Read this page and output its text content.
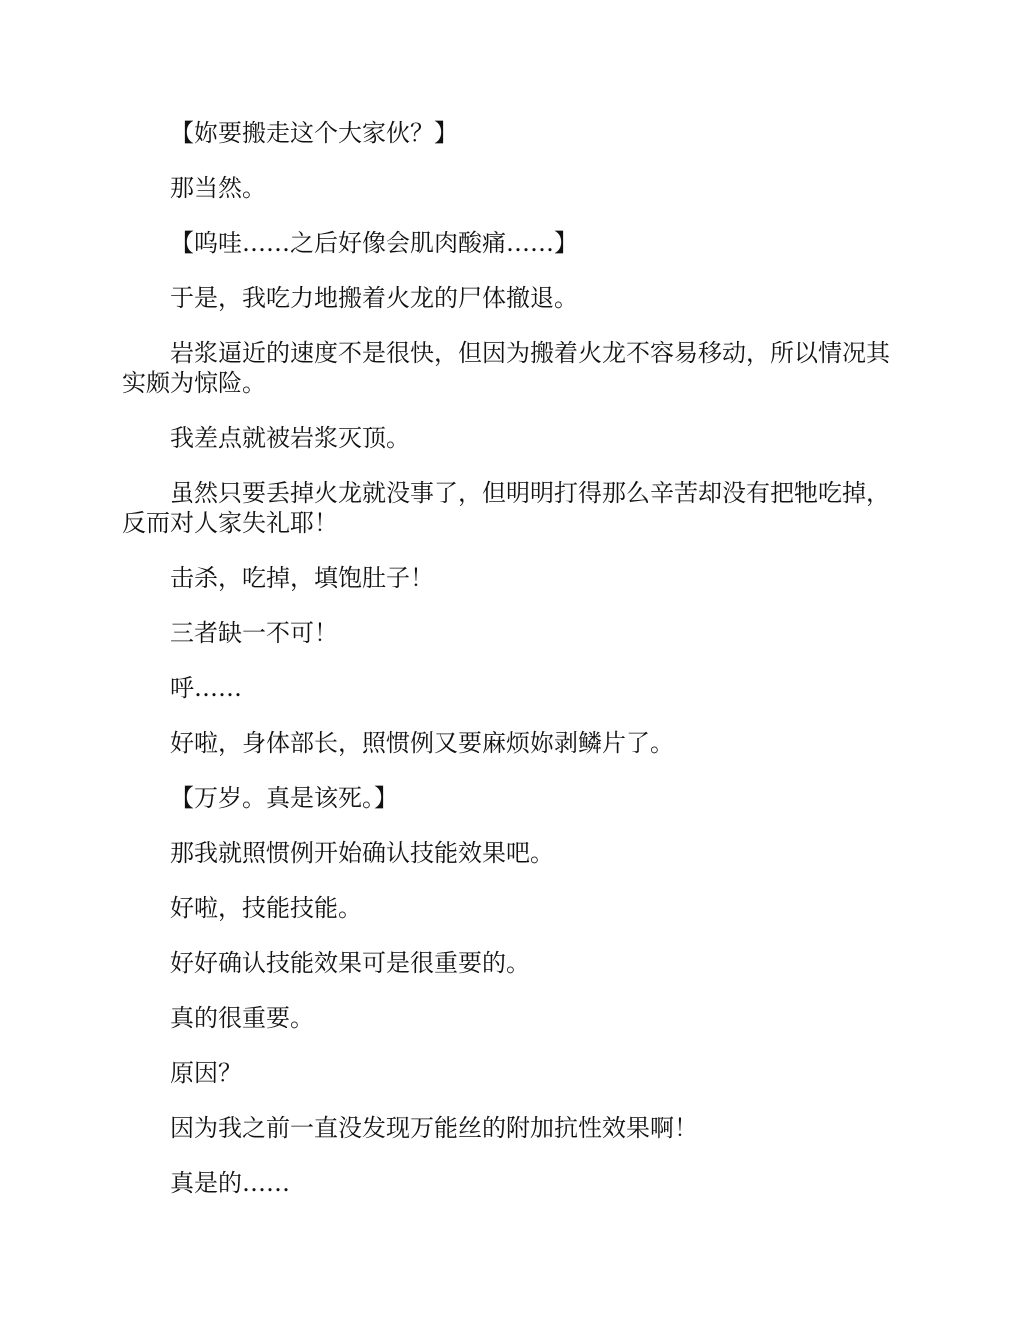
【妳要搬走这个大家伙？】

那当然。

【呜哇……之后好像会肌肉酸痛……】

于是，我吃力地搬着火龙的尸体撤退。

岩浆逼近的速度不是很快，但因为搬着火龙不容易移动，所以情况其实颇为惊险。

我差点就被岩浆灭顶。

虽然只要丢掉火龙就没事了，但明明打得那么辛苦却没有把牠吃掉，反而对人家失礼耶！

击杀，吃掉，填饱肚子！

三者缺一不可！

呼……

好啦，身体部长，照惯例又要麻烦妳剥鳞片了。

【万岁。真是该死。】

那我就照惯例开始确认技能效果吧。

好啦，技能技能。

好好确认技能效果可是很重要的。

真的很重要。

原因？

因为我之前一直没发现万能丝的附加抗性效果啊！

真是的……
